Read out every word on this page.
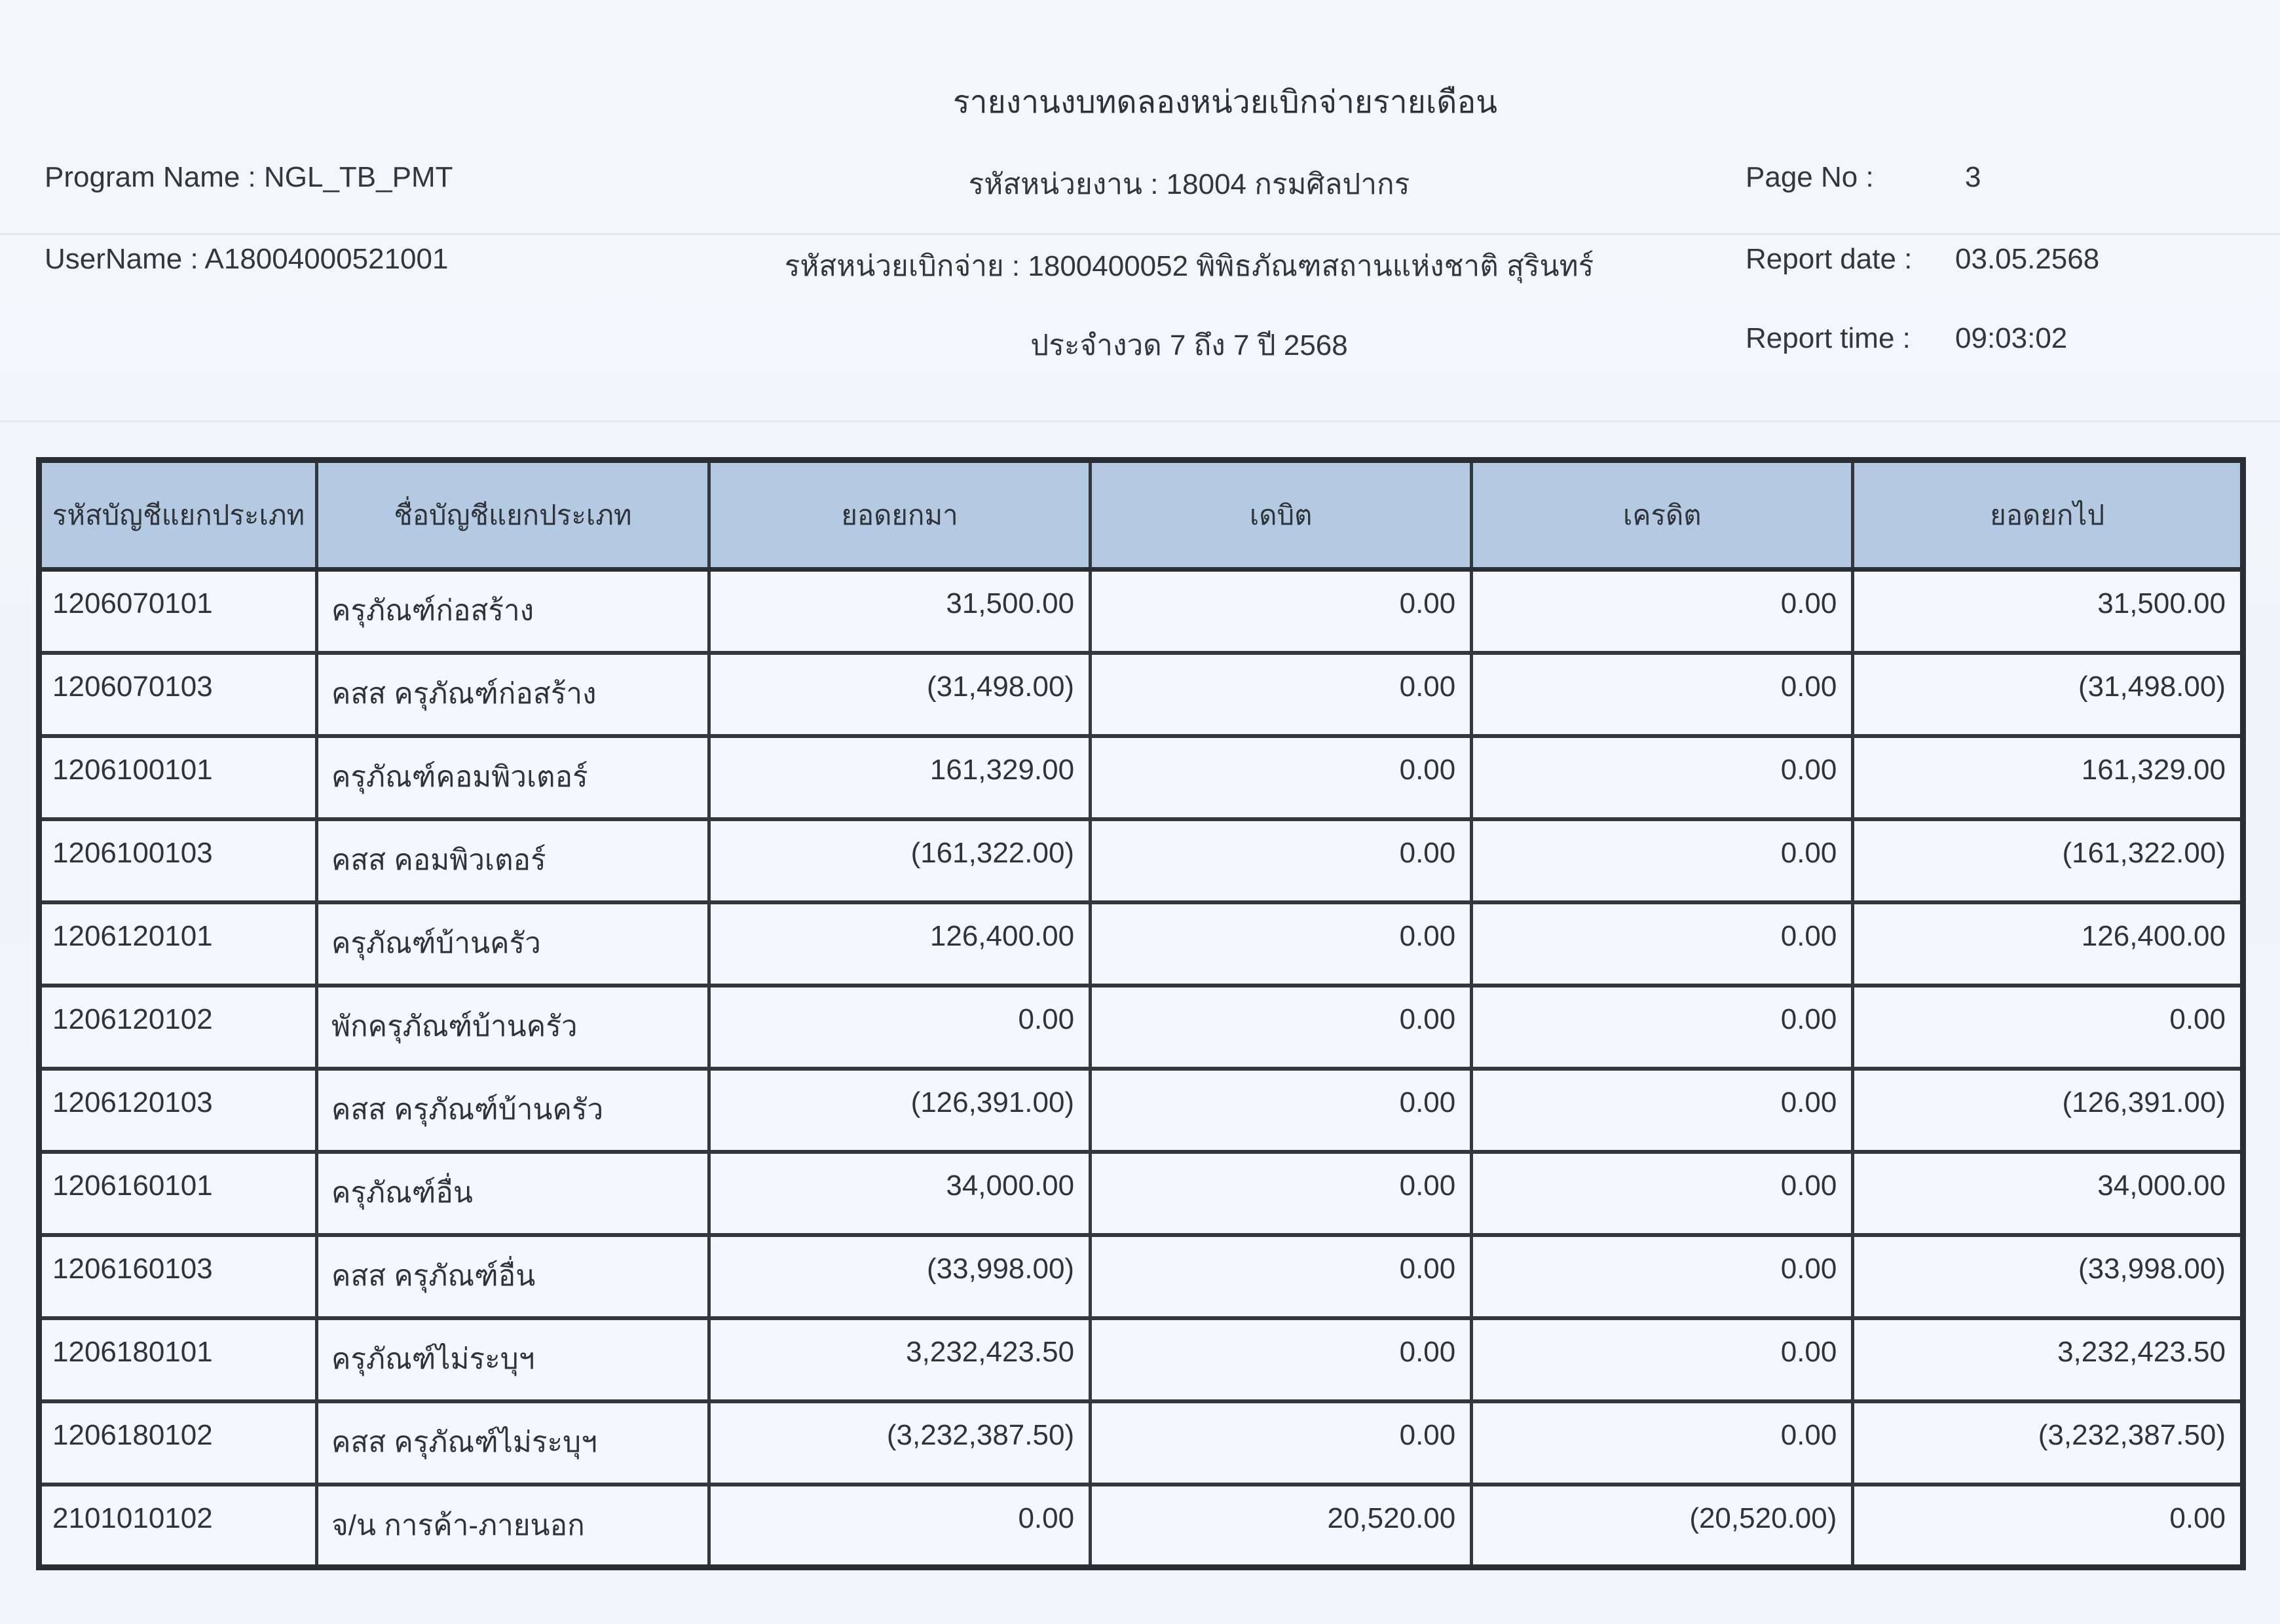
รายงานงบทดลองหน่วยเบิกจ่ายรายเดือน
Program Name : NGL_TB_PMT	รหัสหน่วยงาน : 18004 กรมศิลปากร	Page No :	3
UserName : A18004000521001	รหัสหน่วยเบิกจ่าย : 1800400052 พิพิธภัณฑสถานแห่งชาติ สุรินทร์	Report date : 03.05.2568
ประจำงวด 7 ถึง 7 ปี 2568	Report time : 09:03:02
รหัสบัญชีแยกประเภท	ชื่อบัญชีแยกประเภท	ยอดยกมา	เดบิต	เครดิต	ยอดยกไป
1206070101	ครุภัณฑ์ก่อสร้าง	31,500.00	0.00	0.00	31,500.00
1206070103	คสส ครุภัณฑ์ก่อสร้าง	(31,498.00)	0.00	0.00	(31,498.00)
1206100101	ครุภัณฑ์คอมพิวเตอร์	161,329.00	0.00	0.00	161,329.00
1206100103	คสส คอมพิวเตอร์	(161,322.00)	0.00	0.00	(161,322.00)
1206120101	ครุภัณฑ์บ้านครัว	126,400.00	0.00	0.00	126,400.00
1206120102	พักครุภัณฑ์บ้านครัว	0.00	0.00	0.00	0.00
1206120103	คสส ครุภัณฑ์บ้านครัว	(126,391.00)	0.00	0.00	(126,391.00)
1206160101	ครุภัณฑ์อื่น	34,000.00	0.00	0.00	34,000.00
1206160103	คสส ครุภัณฑ์อื่น	(33,998.00)	0.00	0.00	(33,998.00)
1206180101	ครุภัณฑ์ไม่ระบุฯ	3,232,423.50	0.00	0.00	3,232,423.50
1206180102	คสส ครุภัณฑ์ไม่ระบุฯ	(3,232,387.50)	0.00	0.00	(3,232,387.50)
2101010102	จ/น การค้า-ภายนอก	0.00	20,520.00	(20,520.00)	0.00
